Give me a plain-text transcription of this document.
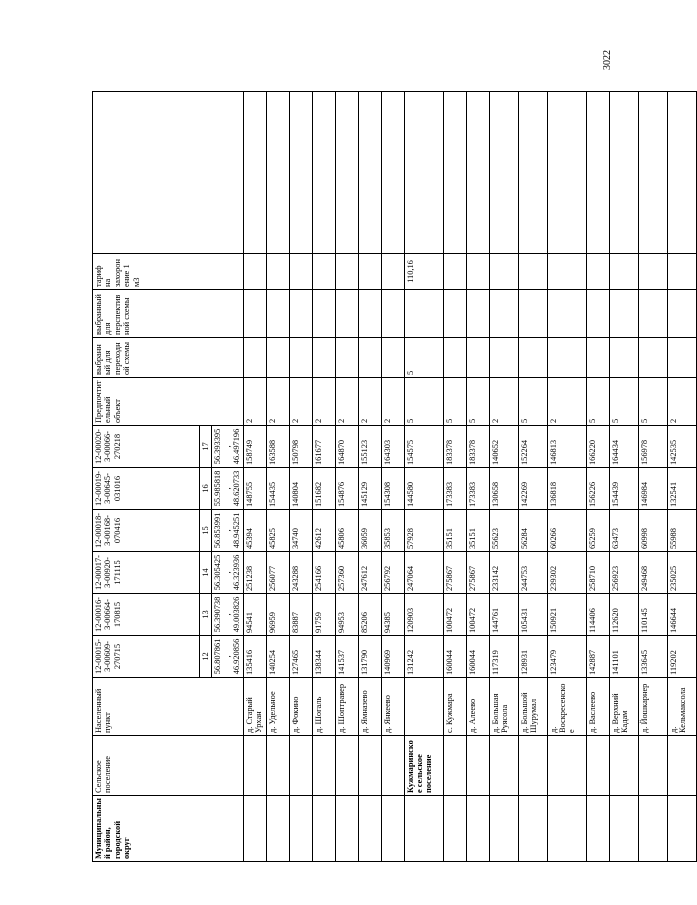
3022
Муниципальный район, городской округ	Сельское поселение	Населенный пункт	12-00015-З-00609-270715	12-00016-З-00664-170815	12-00017-З-00920-171115	12-00018-З-00168-070416	12-00019-З-00645-031016	12-00020-З-00066-270218	Предпочтительный объект	выбранный для переходной схемы	выбранный для перспективной схемы	тариф на захоронение 1 м3	
			12	13	14	15	16	17					
			56.807861, 46.920856	56.390738, 49.003826	56.305425, 46.323936	56.853991, 48.945251	55.985818, 48.620733	56.393395, 46.497196					
		д. Старый Урхан	135416	94541	251238	45394	148755	158749	2				
		д. Удельное	140254	96959	256077	45825	154435	163588	2				
		д. Фокино	127465	83887	243288	34740	140804	150798	2				
		д. Шогаль	138344	91759	254166	42612	151682	161677	2				
		д. Шоптравер	141537	94953	257360	45806	154876	164870	2				
		д. Ямназево	131790	85206	247612	36059	145129	155123	2				
		д. Янкеево	140969	94385	256792	35853	154308	164303	2				
	Кужмаринское сельское поселение		131242	120903	247064	57928	144580	154575	5	5		110,16	
		с. Кужмара	160044	100472	275867	35151	173383	183378	5				
		д. Алеево	160044	100472	275867	35151	173383	183378	5				
		д. Большая Руясола	117319	144761	233142	55623	130658	140652	2				
		д. Большой Шурумал	128931	105431	244753	56284	142269	152264	5				
		д. Воскресенское	123479	150921	239302	60266	136818	146813	2				
		д. Васлеево	142887	114406	258710	65259	156226	166220	5				
		д. Верхний Кадам	141101	112620	256923	63473	154439	164434	5				
		д. Йошкарнер	133645	110145	249468	60998	146984	156978	5				
		д. Кельмаксола	119202	146644	235025	55988	132541	142535	2				
